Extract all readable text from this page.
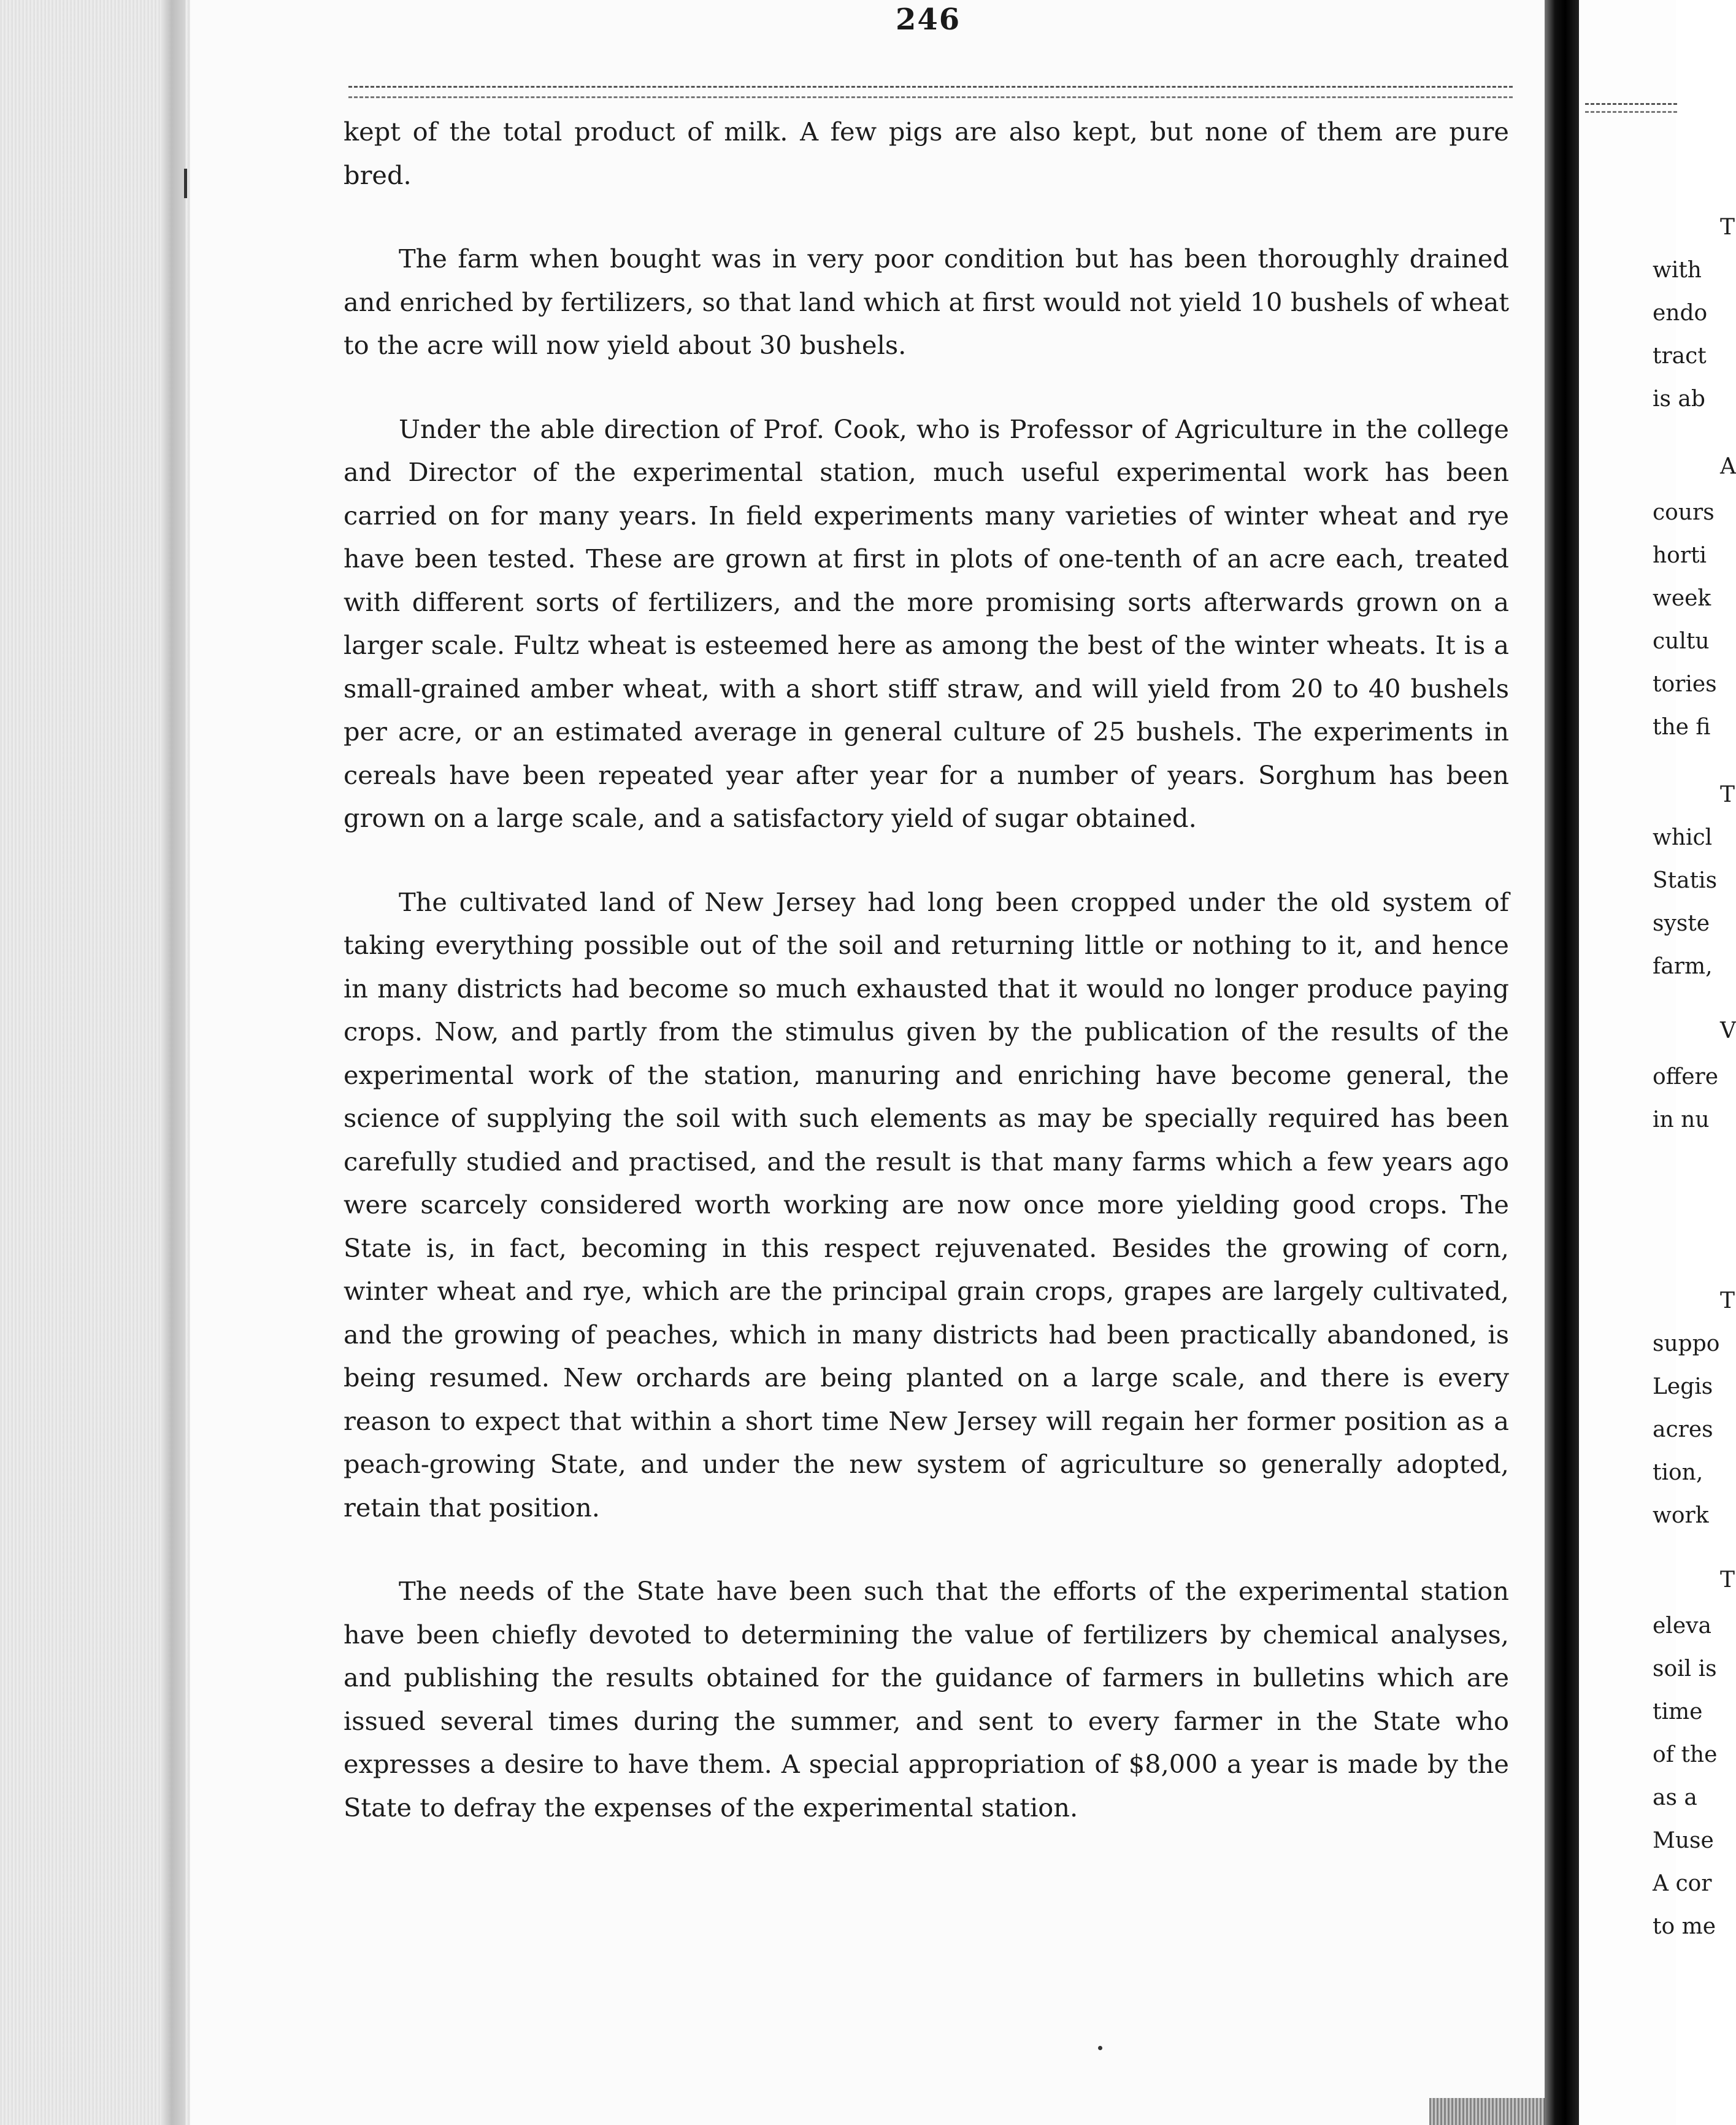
246

kept of the total product of milk. A few pigs are also kept, but none of them are pure bred.

The farm when bought was in very poor condition but has been thoroughly drained and enriched by fertilizers, so that land which at first would not yield 10 bushels of wheat to the acre will now yield about 30 bushels.

Under the able direction of Prof. Cook, who is Professor of Agriculture in the college and Director of the experimental station, much useful experimental work has been carried on for many years. In field experiments many varieties of winter wheat and rye have been tested. These are grown at first in plots of one-tenth of an acre each, treated with different sorts of fertilizers, and the more promising sorts afterwards grown on a larger scale. Fultz wheat is esteemed here as among the best of the winter wheats. It is a small-grained amber wheat, with a short stiff straw, and will yield from 20 to 40 bushels per acre, or an estimated average in general culture of 25 bushels. The experiments in cereals have been repeated year after year for a number of years. Sorghum has been grown on a large scale, and a satisfactory yield of sugar obtained.

The cultivated land of New Jersey had long been cropped under the old system of taking everything possible out of the soil and returning little or nothing to it, and hence in many districts had become so much exhausted that it would no longer produce paying crops. Now, and partly from the stimulus given by the publication of the results of the experimental work of the station, manuring and enriching have become general, the science of supplying the soil with such elements as may be specially required has been carefully studied and practised, and the result is that many farms which a few years ago were scarcely considered worth working are now once more yielding good crops. The State is, in fact, becoming in this respect rejuvenated. Besides the growing of corn, winter wheat and rye, which are the principal grain crops, grapes are largely cultivated, and the growing of peaches, which in many districts had been practically abandoned, is being resumed. New orchards are being planted on a large scale, and there is every reason to expect that within a short time New Jersey will regain her former position as a peach-growing State, and under the new system of agriculture so generally adopted, retain that position.

The needs of the State have been such that the efforts of the experimental station have been chiefly devoted to determining the value of fertilizers by chemical analyses, and publishing the results obtained for the guidance of farmers in bulletins which are issued several times during the summer, and sent to every farmer in the State who expresses a desire to have them. A special appropriation of $8,000 a year is made by the State to defray the expenses of the experimental station.

T
with
endo
tract
is ab
A
cours
horti
week
cultu
tories
the fi
T
whicl
Statis
syste
farm,
V
offere
in nu
T
suppo
Legis
acres
tion,
work
T
eleva
soil is
time
of the
as a
Muse
A cor
to me
